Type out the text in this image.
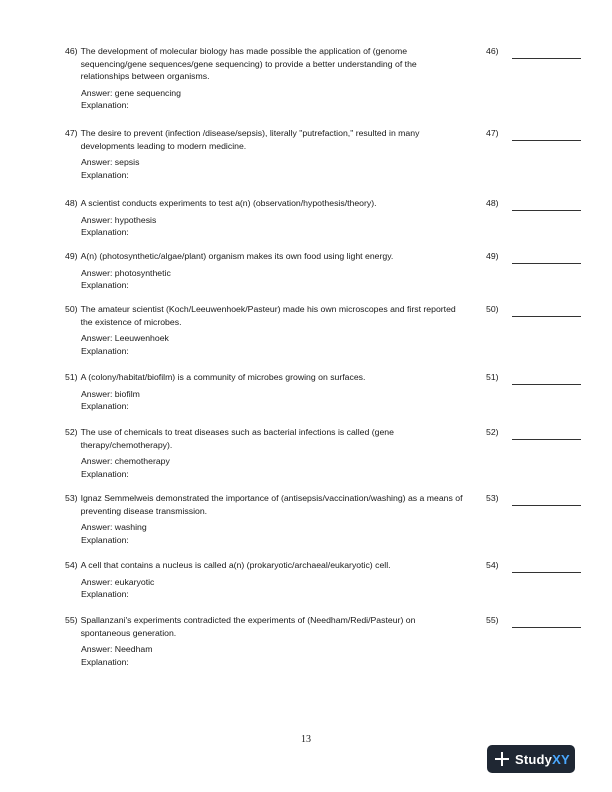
46) The development of molecular biology has made possible the application of (genome sequencing/gene sequences/gene sequencing) to provide a better understanding of the relationships between organisms.
Answer: gene sequencing
Explanation:
46)
47) The desire to prevent (infection /disease/sepsis), literally "putrefaction," resulted in many developments leading to modern medicine.
Answer: sepsis
Explanation:
47)
48) A scientist conducts experiments to test a(n) (observation/hypothesis/theory).
Answer: hypothesis
Explanation:
48)
49) A(n) (photosynthetic/algae/plant) organism makes its own food using light energy.
Answer: photosynthetic
Explanation:
49)
50) The amateur scientist (Koch/Leeuwenhoek/Pasteur) made his own microscopes and first reported the existence of microbes.
Answer: Leeuwenhoek
Explanation:
50)
51) A (colony/habitat/biofilm) is a community of microbes growing on surfaces.
Answer: biofilm
Explanation:
51)
52) The use of chemicals to treat diseases such as bacterial infections is called (gene therapy/chemotherapy).
Answer: chemotherapy
Explanation:
52)
53) Ignaz Semmelweis demonstrated the importance of (antisepsis/vaccination/washing) as a means of preventing disease transmission.
Answer: washing
Explanation:
53)
54) A cell that contains a nucleus is called a(n) (prokaryotic/archaeal/eukaryotic) cell.
Answer: eukaryotic
Explanation:
54)
55) Spallanzani's experiments contradicted the experiments of (Needham/Redi/Pasteur) on spontaneous generation.
Answer: Needham
Explanation:
55)
13
StudyXY
